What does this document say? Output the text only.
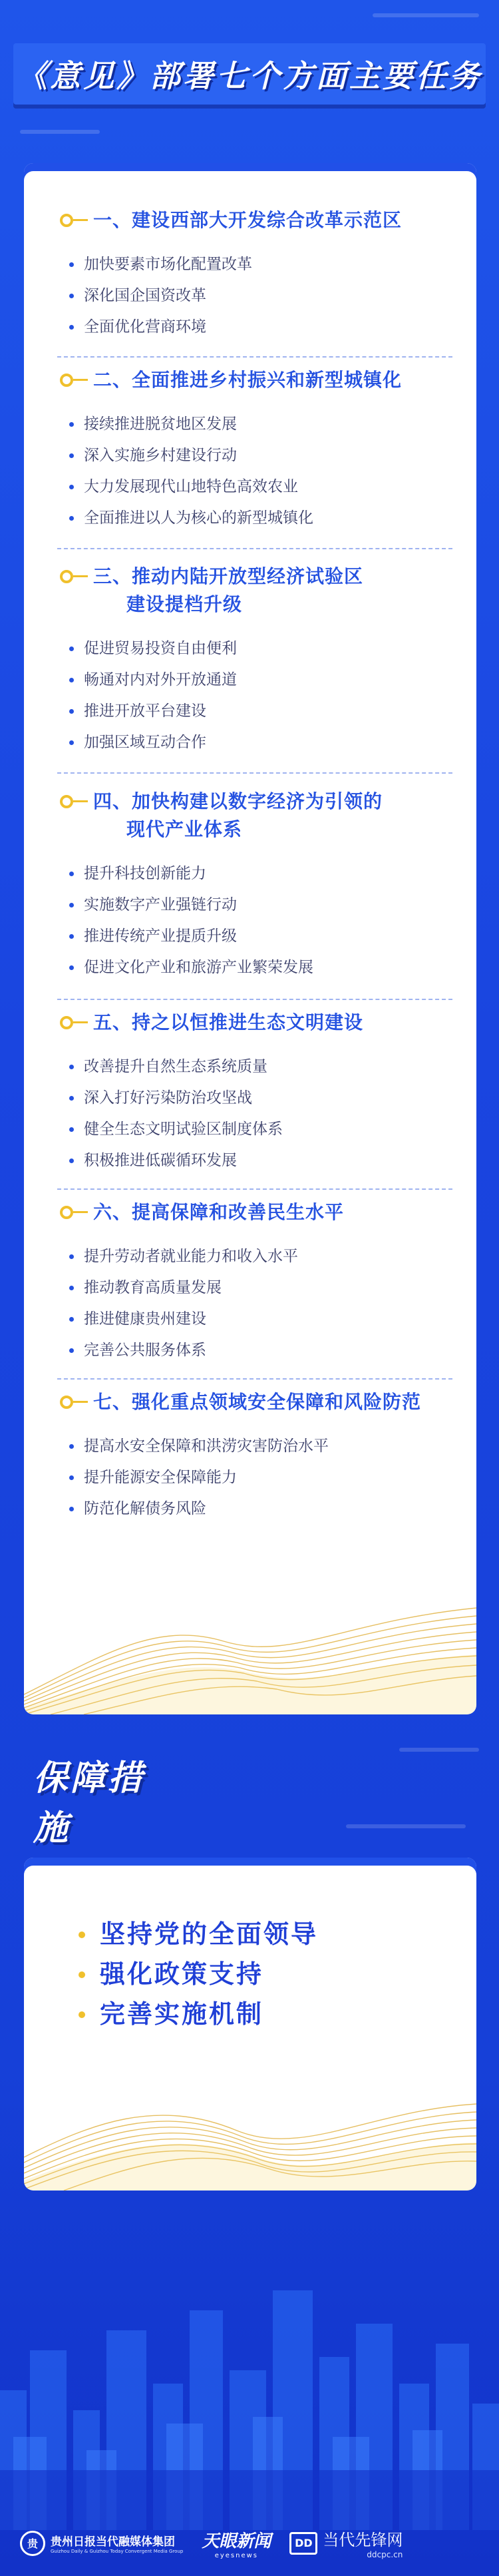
《意见》部署七个方面主要任务
一、建设西部大开发综合改革示范区
加快要素市场化配置改革
深化国企国资改革
全面优化营商环境
二、全面推进乡村振兴和新型城镇化
接续推进脱贫地区发展
深入实施乡村建设行动
大力发展现代山地特色高效农业
全面推进以人为核心的新型城镇化
三、推动内陆开放型经济试验区
建设提档升级
促进贸易投资自由便利
畅通对内对外开放通道
推进开放平台建设
加强区域互动合作
四、加快构建以数字经济为引领的
现代产业体系
提升科技创新能力
实施数字产业强链行动
推进传统产业提质升级
促进文化产业和旅游产业繁荣发展
五、持之以恒推进生态文明建设
改善提升自然生态系统质量
深入打好污染防治攻坚战
健全生态文明试验区制度体系
积极推进低碳循环发展
六、提高保障和改善民生水平
提升劳动者就业能力和收入水平
推动教育高质量发展
推进健康贵州建设
完善公共服务体系
七、强化重点领域安全保障和风险防范
提高水安全保障和洪涝灾害防治水平
提升能源安全保障能力
防范化解债务风险
保障措施
坚持党的全面领导
强化政策支持
完善实施机制
贵	贵州日报当代融媒体集团
Guizhou Daily & Guizhou Today Convergent Media Group
天眼新闻
eyesnews
DD 当代先锋网
ddcpc.cn
